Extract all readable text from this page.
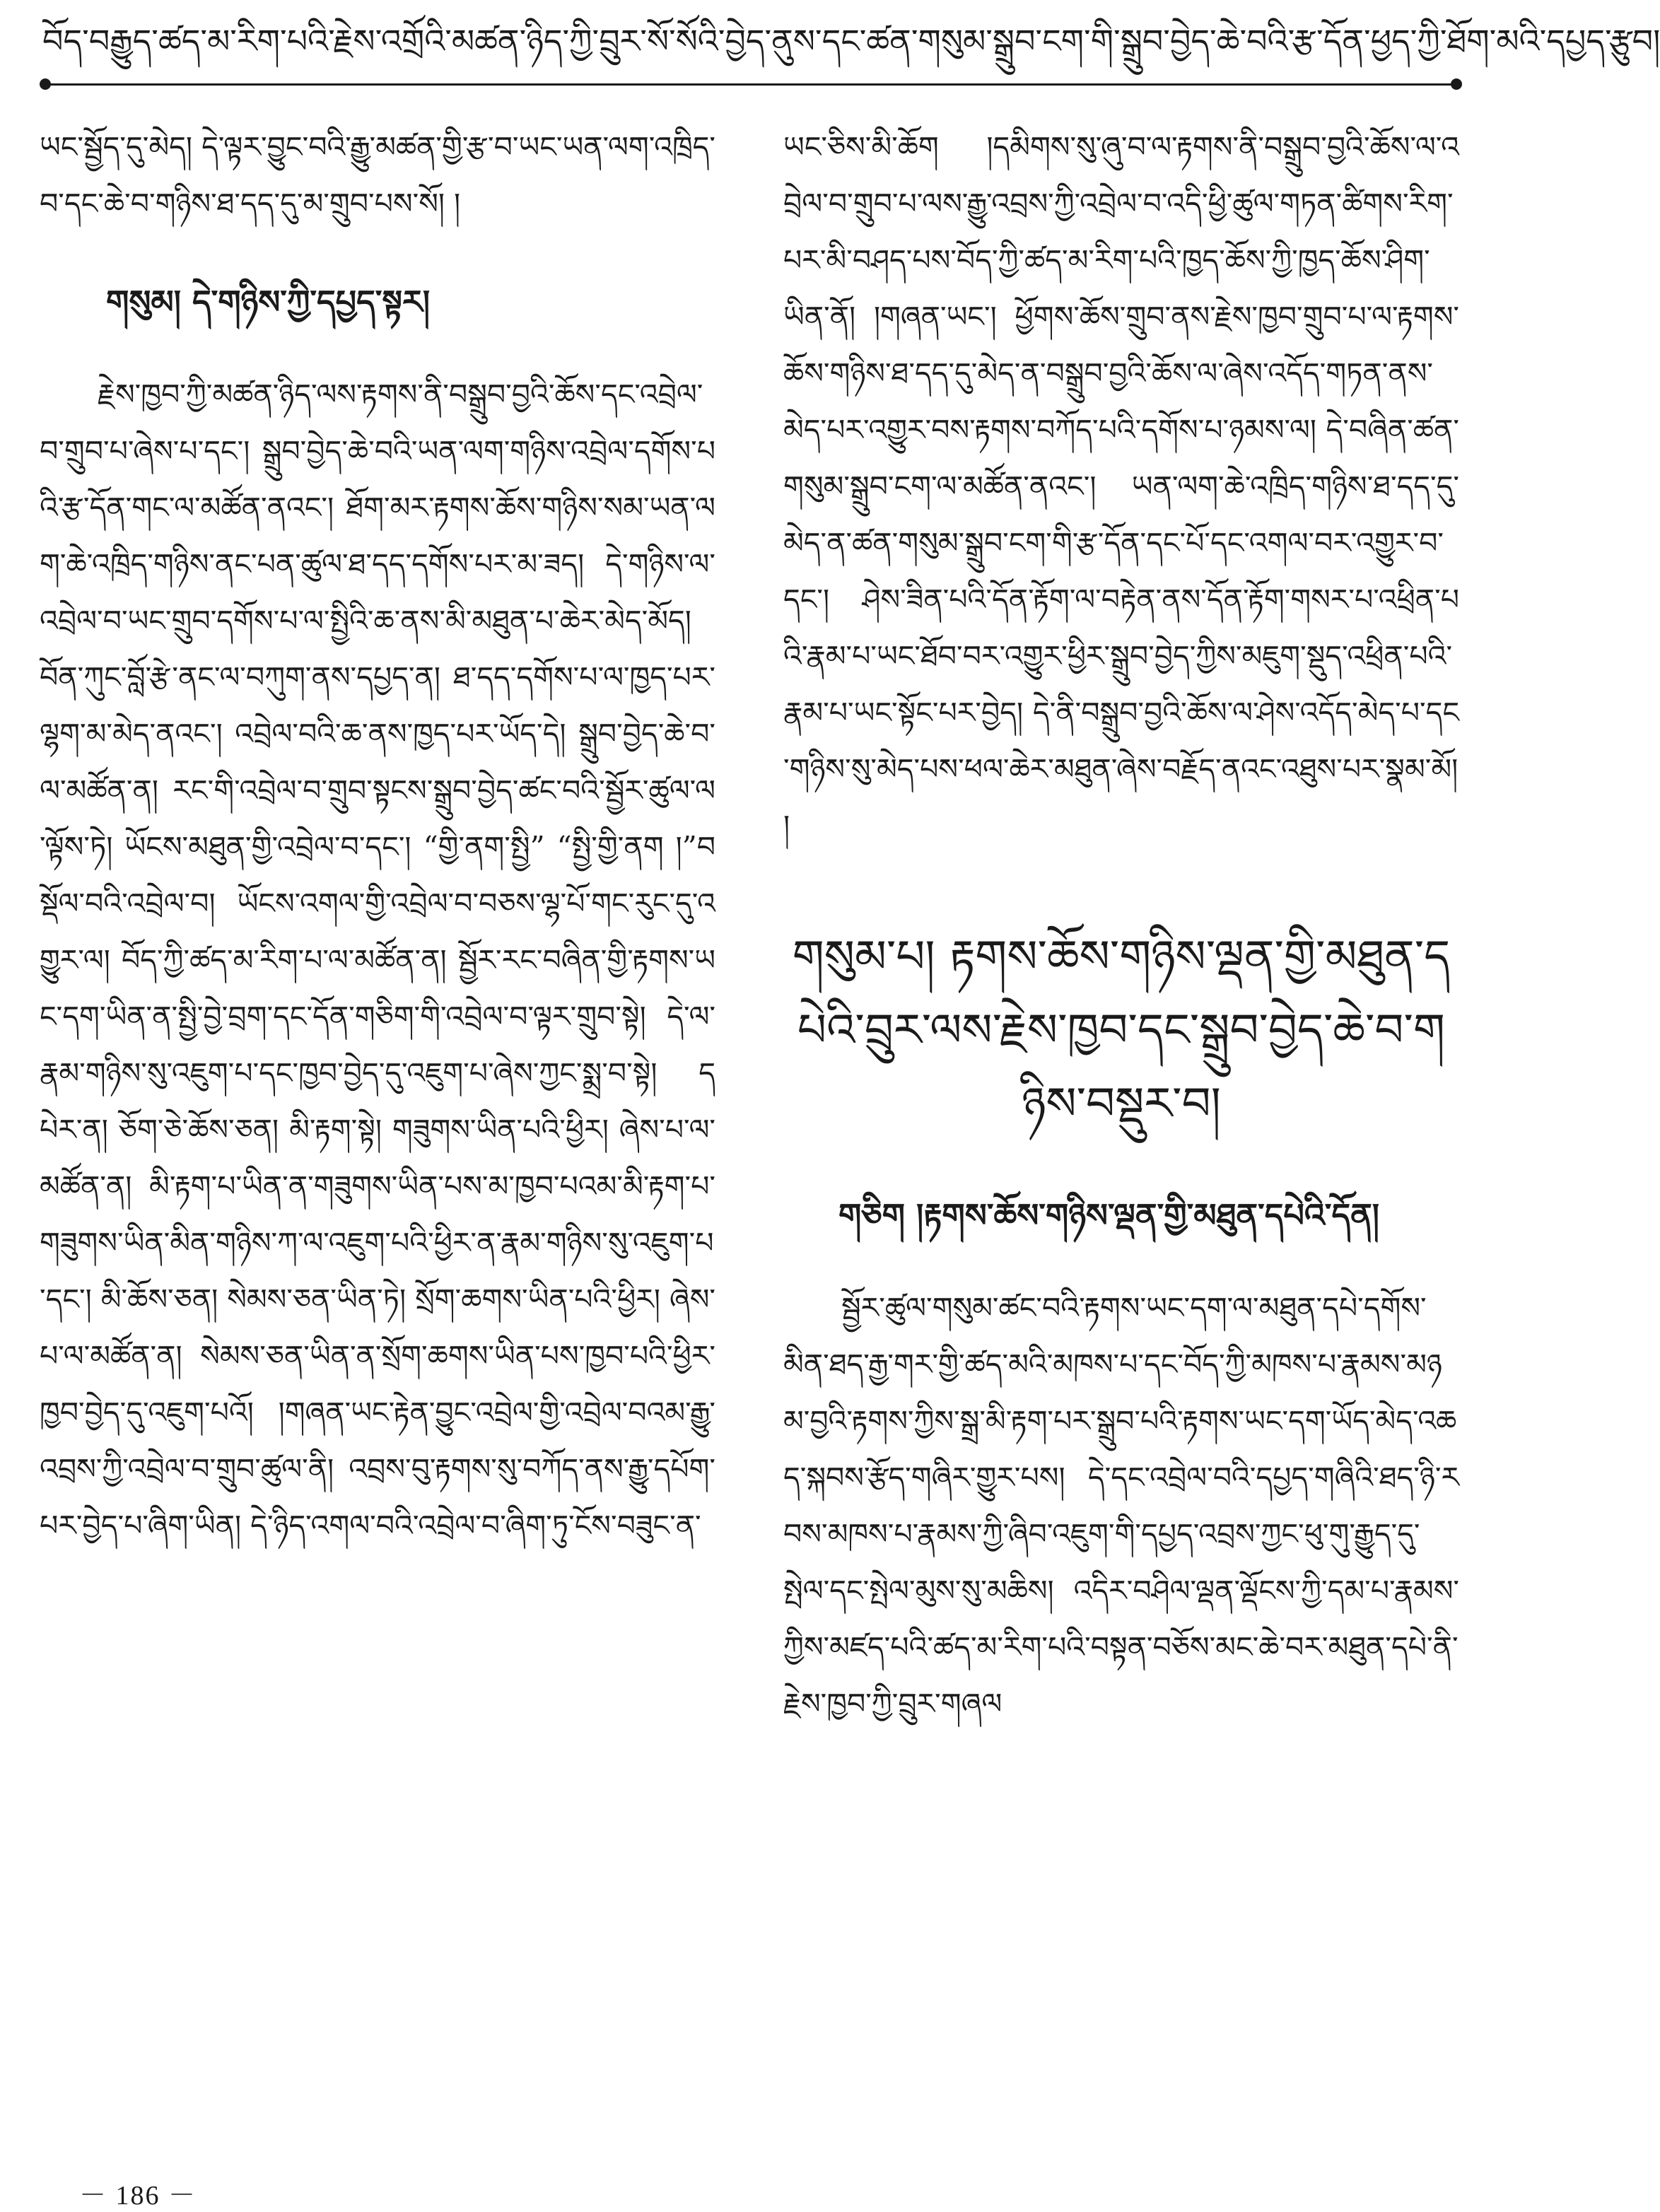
བོད་བརྒྱུད་ཚད་མ་རིག་པའི་རྗེས་འགྲོའི་མཚན་ཉིད་ཀྱི་བྲུར་སོ་སོའི་བྱེད་ནུས་དང་ཚན་གསུམ་སྒྲུབ་ངག་གི་སྒྲུབ་བྱེད་ཆེ་བའི་རྩ་དོན་ཕྱད་ཀྱི་ཐོག་མའི་དཔྱད་རྩུབ།

ཡང་སྦྱོད་དུ་མེད། དེ་ལྟར་བྱུང་བའི་རྒྱུ་མཚན་གྱི་རྩ་བ་ཡང་ཡན་ལག་འཁྲིད་བ་དང་ཆེ་བ་གཉིས་ཐ་དད་དུ་མ་གྲུབ་པས་སོ། །

གསུམ། དེ་གཉིས་ཀྱི་དཔྱད་སྟར།

རྗེས་ཁྱབ་ཀྱི་མཚན་ཉིད་ལས་རྟགས་ནི་བསྒྲུབ་བྱའི་ཆོས་དང་འབྲེལ་བ་གྲུབ་པ་ཞེས་པ་དང་། སྒྲུབ་བྱེད་ཆེ་བའི་ཡན་ལག་གཉིས་འབྲེལ་དགོས་པའི་རྩ་དོན་གང་ལ་མཚོན་ནའང་། ཐོག་མར་རྟགས་ཆོས་གཉིས་སམ་ཡན་ལག་ཆེ་འཁྲིད་གཉིས་ནང་པན་ཚུལ་ཐ་དད་དགོས་པར་མ་ཟད། དེ་གཉིས་ལ་འབྲེལ་བ་ཡང་གྲུབ་དགོས་པ་ལ་སྤྱིའི་ཆ་ནས་མི་མཐུན་པ་ཆེར་མེད་མོད། བོན་ཀུང་བློ་རྩེ་ནང་ལ་བཀུག་ནས་དཔྱད་ན། ཐ་དད་དགོས་པ་ལ་ཁྱད་པར་ལྷག་མ་མེད་ནའང་། འབྲེལ་བའི་ཆ་ནས་ཁྱད་པར་ཡོད་དེ། སྒྲུབ་བྱེད་ཆེ་བ་ལ་མཚོན་ན། རང་གི་འབྲེལ་བ་གྲུབ་སྟངས་སྒྲུབ་བྱེད་ཚང་བའི་སྦྱོར་ཚུལ་ལ་ལྟོས་ཏེ། ཡོངས་མཐུན་གྱི་འབྲེལ་བ་དང་། “གྱི་ནག་སྤྱི” “སྤྱི་གྱི་ནག །”བསྡོལ་བའི་འབྲེལ་བ། ཡོངས་འགལ་གྱི་འབྲེལ་བ་བཅས་ལྷ་པོ་གང་རུང་དུ་འགྱུར་ལ། བོད་ཀྱི་ཚད་མ་རིག་པ་ལ་མཚོན་ན། སྦྱོར་རང་བཞིན་གྱི་རྟགས་ཡང་དག་ཡིན་ན་སྤྱི་བྱེ་བྲག་དང་དོན་གཅིག་གི་འབྲེལ་བ་ལྟར་གྲུབ་སྟེ། དེ་ལ་རྣམ་གཉིས་སུ་འཇུག་པ་དང་ཁྱབ་བྱེད་དུ་འཇུག་པ་ཞེས་ཀྱང་སྨྲ་བ་སྟེ། དཔེར་ན། ཅོག་ཅེ་ཆོས་ཅན། མི་རྟག་སྟེ། གཟུགས་ཡིན་པའི་ཕྱིར། ཞེས་པ་ལ་མཚོན་ན། མི་རྟག་པ་ཡིན་ན་གཟུགས་ཡིན་པས་མ་ཁྱབ་པའམ་མི་རྟག་པ་གཟུགས་ཡིན་མིན་གཉིས་ཀ་ལ་འཇུག་པའི་ཕྱིར་ན་རྣམ་གཉིས་སུ་འཇུག་པ་དང་། མི་ཆོས་ཅན། སེམས་ཅན་ཡིན་ཏེ། སྲོག་ཆགས་ཡིན་པའི་ཕྱིར། ཞེས་པ་ལ་མཚོན་ན། སེམས་ཅན་ཡིན་ན་སྲོག་ཆགས་ཡིན་པས་ཁྱབ་པའི་ཕྱིར་ཁྱབ་བྱེད་དུ་འཇུག་པའོ། །གཞན་ཡང་རྟེན་བྱུང་འབྲེལ་གྱི་འབྲེལ་བའམ་རྒྱུ་འབྲས་ཀྱི་འབྲེལ་བ་གྲུབ་ཚུལ་ནི། འབྲས་བུ་རྟགས་སུ་བཀོད་ནས་རྒྱུ་དཔོག་པར་བྱེད་པ་ཞིག་ཡིན། དེ་ཉིད་འགལ་བའི་འབྲེལ་བ་ཞིག་ཏུ་ངོས་བཟུང་ན་

ཡང་ཅིས་མི་ཆོག །དམིགས་སུ་ཞུ་བ་ལ་རྟགས་ནི་བསྒྲུབ་བྱའི་ཆོས་ལ་འབྲེལ་བ་གྲུབ་པ་ལས་རྒྱུ་འབྲས་ཀྱི་འབྲེལ་བ་འདི་ཕྱི་ཚུལ་གཏན་ཚིགས་རིག་པར་མི་བཤད་པས་བོད་ཀྱི་ཚད་མ་རིག་པའི་ཁྱད་ཆོས་ཀྱི་ཁྱད་ཆོས་ཤིག་ཡིན་ནོ། །གཞན་ཡང་། ཕྱོགས་ཆོས་གྲུབ་ནས་རྗེས་ཁྱབ་གྲུབ་པ་ལ་རྟགས་ཆོས་གཉིས་ཐ་དད་དུ་མེད་ན་བསྒྲུབ་བྱའི་ཆོས་ལ་ཞེས་འདོད་གཏན་ནས་མེད་པར་འགྱུར་བས་རྟགས་བཀོད་པའི་དགོས་པ་ཉམས་ལ། དེ་བཞིན་ཚན་གསུམ་སྒྲུབ་ངག་ལ་མཚོན་ནའང་། ཡན་ལག་ཆེ་འཁྲིད་གཉིས་ཐ་དད་དུ་མེད་ན་ཚན་གསུམ་སྒྲུབ་ངག་གི་རྩ་དོན་དང་པོ་དང་འགལ་བར་འགྱུར་བ་དང་། ཤེས་ཟིན་པའི་དོན་རྟོག་ལ་བརྟེན་ནས་དོན་རྟོག་གསར་པ་འཕྲིན་པའི་རྣམ་པ་ཡང་ཐོབ་བར་འགྱུར་ཕྱིར་སྒྲུབ་བྱེད་ཀྱིས་མཇུག་སྡུད་འཕྲིན་པའི་རྣམ་པ་ཡང་སྟོང་པར་བྱེད། དེ་ནི་བསྒྲུབ་བྱའི་ཆོས་ལ་ཤེས་འདོད་མེད་པ་དང་གཉིས་སུ་མེད་པས་ཕལ་ཆེར་མཐུན་ཞེས་བརྗོད་ནའང་འཐུས་པར་སྣམ་མོ། །

གསུམ་པ། རྟགས་ཆོས་གཉིས་ལྡན་གྱི་མཐུན་དཔེའི་བྲུར་ལས་རྗེས་ཁྱབ་དང་སྒྲུབ་བྱེད་ཆེ་བ་གཉིས་བསྡུར་བ།
གཅིག །རྟགས་ཆོས་གཉིས་ལྡན་གྱི་མཐུན་དཔེའི་དོན།

སྦྱོར་ཚུལ་གསུམ་ཚང་བའི་རྟགས་ཡང་དག་ལ་མཐུན་དཔེ་དགོས་མིན་ཐད་རྒྱ་གར་གྱི་ཚད་མའི་མཁས་པ་དང་བོད་ཀྱི་མཁས་པ་རྣམས་མཉམ་བྱའི་རྟགས་ཀྱིས་སྒྲ་མི་རྟག་པར་སྒྲུབ་པའི་རྟགས་ཡང་དག་ཡོད་མེད་འཆད་སྐབས་རྩོད་གཞིར་གྱུར་པས། དེ་དང་འབྲེལ་བའི་དཔྱད་གཞིའི་ཐད་ཉི་རབས་མཁས་པ་རྣམས་ཀྱི་ཞིབ་འཇུག་གི་དཔྱད་འབྲས་ཀྱང་ཕུ་གུ་རྒྱུད་དུ་སྤེལ་དང་སྤེལ་མུས་སུ་མཆིས། འདིར་བཤིལ་ལྡན་ལྡོངས་ཀྱི་དམ་པ་རྣམས་ཀྱིས་མཛད་པའི་ཚད་མ་རིག་པའི་བསྟན་བཅོས་མང་ཆེ་བར་མཐུན་དཔེ་ནི་རྗེས་ཁྱབ་ཀྱི་བྲུར་གཞལ

－ 186 －
